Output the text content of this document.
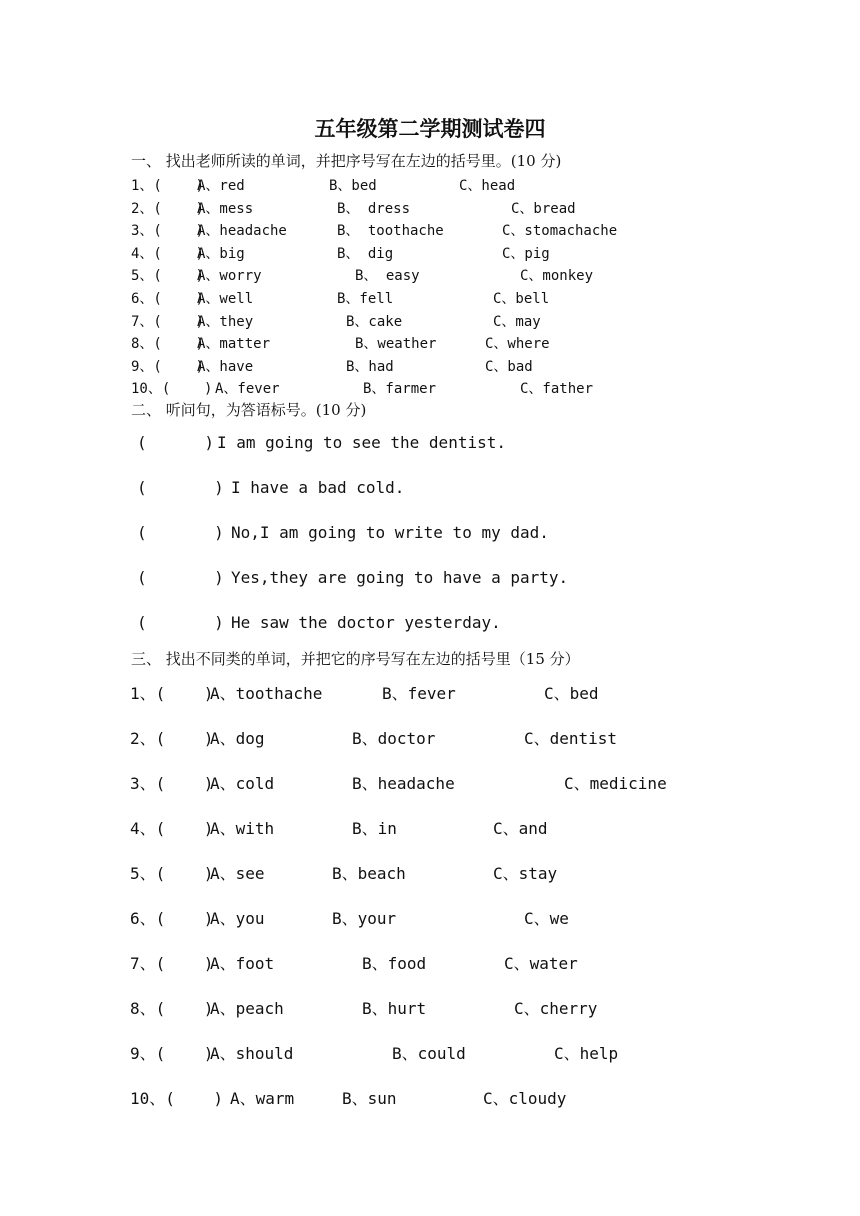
五年级第二学期测试卷四
一、 找出老师所读的单词，并把序号写在左边的括号里。(10 分)

1、(    )

A、red

	B、bed

	C、head

2、(    )

A、mess

	B、 dress

	C、bread

3、(    )

A、headache

	B、 toothache

	C、stomachache

4、(    )

A、big

	B、 dig

	C、pig

5、(    )

A、worry

	B、 easy

	C、monkey

6、(    )

A、well

	B、fell

	C、bell

7、(    )

A、they

	B、cake

	C、may

8、(    )

A、matter

	B、weather

	C、where

9、(    )

A、have

	B、had

	C、bad

10、(    )

A、fever

	B、farmer

	C、father

二、 听问句，为答语标号。(10 分)

(      )

I am going to see the dentist.

(       )

I have a bad cold.

(       )

No,I am going to write to my dad.

(       )

Yes,they are going to have a party.

(       )

He saw the doctor yesterday.

三、 找出不同类的单词，并把它的序号写在左边的括号里（15 分）

1、(    )

A、toothache

	B、fever

	C、bed

2、(    )

A、dog

	B、doctor

	C、dentist

3、(    )

A、cold

	B、headache

	C、medicine

4、(    )

A、with

	B、in

	C、and

5、(    )

A、see

	B、beach

	C、stay

6、(    )

A、you

	B、your

	C、we

7、(    )

A、foot

	B、food

	C、water

8、(    )

A、peach

	B、hurt

	C、cherry

9、(    )

A、should

	B、could

	C、help

10、(    )

A、warm

	B、sun

	C、cloudy
